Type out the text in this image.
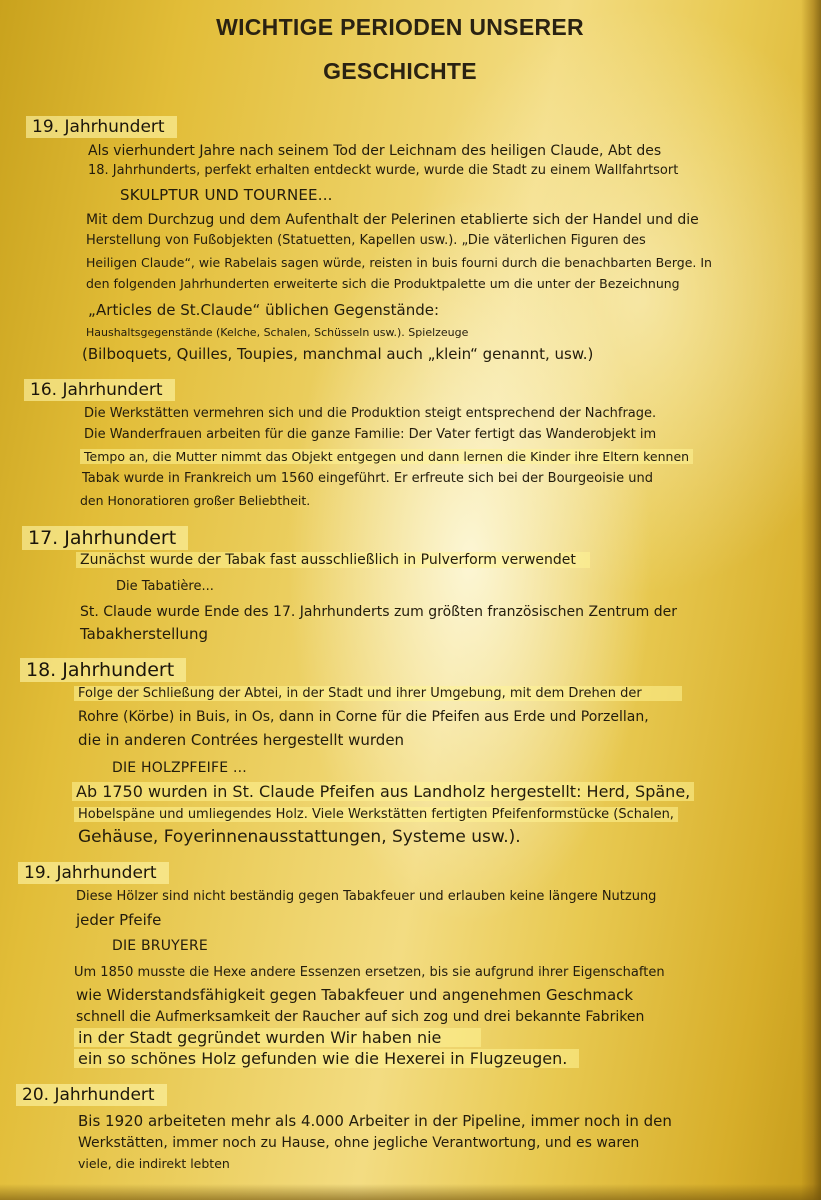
WICHTIGE PERIODEN UNSERER
GESCHICHTE
19. Jahrhundert
Als vierhundert Jahre nach seinem Tod der Leichnam des heiligen Claude, Abt des
18. Jahrhunderts, perfekt erhalten entdeckt wurde, wurde die Stadt zu einem Wallfahrtsort
SKULPTUR UND TOURNEE...
Mit dem Durchzug und dem Aufenthalt der Pelerinen etablierte sich der Handel und die
Herstellung von Fußobjekten (Statuetten, Kapellen usw.). „Die väterlichen Figuren des
Heiligen Claude“, wie Rabelais sagen würde, reisten in buis fourni durch die benachbarten Berge. In
den folgenden Jahrhunderten erweiterte sich die Produktpalette um die unter der Bezeichnung
„Articles de St.Claude“ üblichen Gegenstände:
Haushaltsgegenstände (Kelche, Schalen, Schüsseln usw.). Spielzeuge
(Bilboquets, Quilles, Toupies, manchmal auch „klein“ genannt, usw.)
16. Jahrhundert
Die Werkstätten vermehren sich und die Produktion steigt entsprechend der Nachfrage.
Die Wanderfrauen arbeiten für die ganze Familie: Der Vater fertigt das Wanderobjekt im
Tempo an, die Mutter nimmt das Objekt entgegen und dann lernen die Kinder ihre Eltern kennen
Tabak wurde in Frankreich um 1560 eingeführt. Er erfreute sich bei der Bourgeoisie und
den Honoratioren großer Beliebtheit.
17. Jahrhundert
Zunächst wurde der Tabak fast ausschließlich in Pulverform verwendet
Die Tabatière...
St. Claude wurde Ende des 17. Jahrhunderts zum größten französischen Zentrum der
Tabakherstellung
18. Jahrhundert
Folge der Schließung der Abtei, in der Stadt und ihrer Umgebung, mit dem Drehen der
Rohre (Körbe) in Buis, in Os, dann in Corne für die Pfeifen aus Erde und Porzellan,
die in anderen Contrées hergestellt wurden
DIE HOLZPFEIFE ...
Ab 1750 wurden in St. Claude Pfeifen aus Landholz hergestellt: Herd, Späne,
Hobelspäne und umliegendes Holz. Viele Werkstätten fertigten Pfeifenformstücke (Schalen,
Gehäuse, Foyerinnenausstattungen, Systeme usw.).
19. Jahrhundert
Diese Hölzer sind nicht beständig gegen Tabakfeuer und erlauben keine längere Nutzung
jeder Pfeife
DIE BRUYERE
Um 1850 musste die Hexe andere Essenzen ersetzen, bis sie aufgrund ihrer Eigenschaften
wie Widerstandsfähigkeit gegen Tabakfeuer und angenehmen Geschmack
schnell die Aufmerksamkeit der Raucher auf sich zog und drei bekannte Fabriken
in der Stadt gegründet wurden Wir haben nie
ein so schönes Holz gefunden wie die Hexerei in Flugzeugen.
20. Jahrhundert
Bis 1920 arbeiteten mehr als 4.000 Arbeiter in der Pipeline, immer noch in den
Werkstätten, immer noch zu Hause, ohne jegliche Verantwortung, und es waren
viele, die indirekt lebten
